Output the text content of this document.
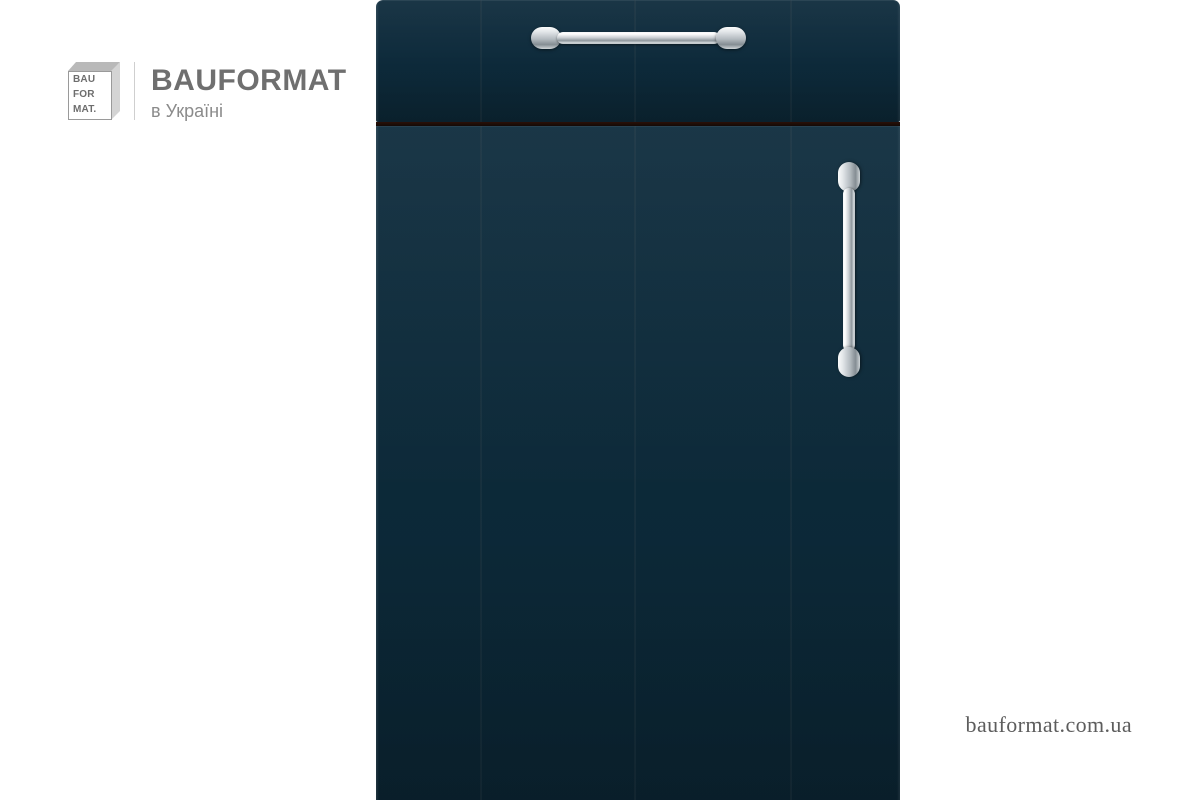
BAU
FOR
MAT.
BAUFORMAT
в Україні
bauformat.com.ua
